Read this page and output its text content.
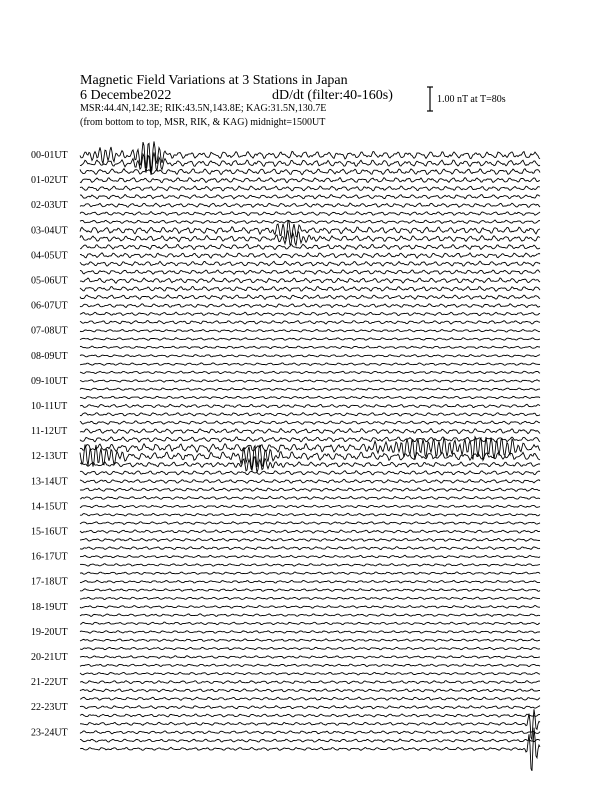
Magnetic Field Variations at 3 Stations in Japan
6 Decembe2022	dD/dt (filter:40-160s)
MSR:44.4N,142.3E; RIK:43.5N,143.8E; KAG:31.5N,130.7E
(from bottom to top, MSR, RIK, & KAG) midnight=1500UT
1.00 nT at T=80s
00-01UT
01-02UT
02-03UT
03-04UT
04-05UT
05-06UT
06-07UT
07-08UT
08-09UT
09-10UT
10-11UT
11-12UT
12-13UT
13-14UT
14-15UT
15-16UT
16-17UT
17-18UT
18-19UT
19-20UT
20-21UT
21-22UT
22-23UT
23-24UT
